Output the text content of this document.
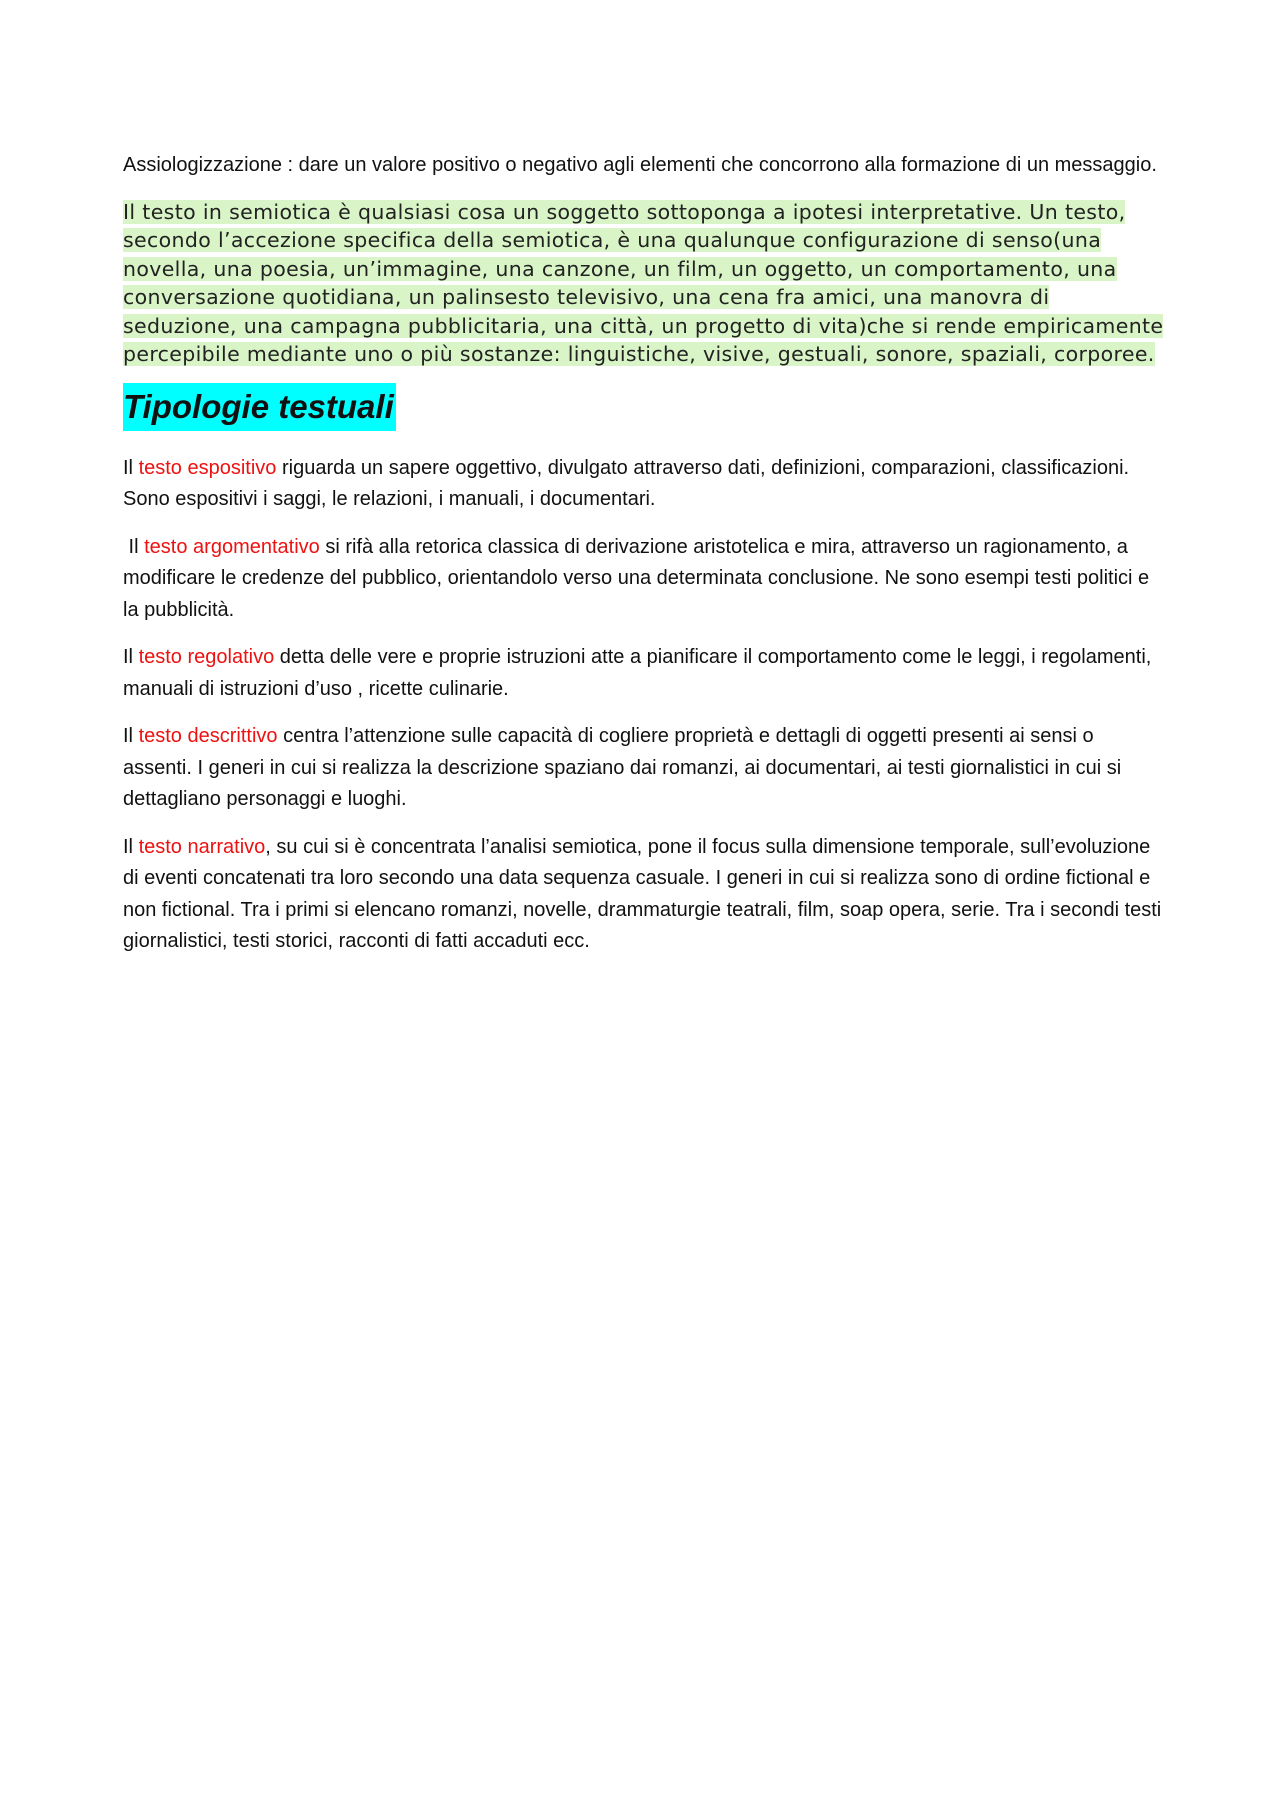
Assiologizzazione : dare un valore positivo o negativo agli elementi che concorrono alla formazione di un messaggio.

Il testo in semiotica è qualsiasi cosa un soggetto sottoponga a ipotesi interpretative. Un testo, secondo l’accezione specifica della semiotica, è una qualunque configurazione di senso(una novella, una poesia, un’immagine, una canzone, un film, un oggetto, un comportamento, una conversazione quotidiana, un palinsesto televisivo, una cena fra amici, una manovra di seduzione, una campagna pubblicitaria, una città, un progetto di vita)che si rende empiricamente percepibile mediante uno o più sostanze: linguistiche, visive, gestuali, sonore, spaziali, corporee.

Tipologie testuali

Il testo espositivo riguarda un sapere oggettivo, divulgato attraverso dati, definizioni, comparazioni, classificazioni. Sono espositivi i saggi, le relazioni, i manuali, i documentari.

Il testo argomentativo si rifà alla retorica classica di derivazione aristotelica e mira, attraverso un ragionamento, a modificare le credenze del pubblico, orientandolo verso una determinata conclusione. Ne sono esempi testi politici e la pubblicità.

Il testo regolativo detta delle vere e proprie istruzioni atte a pianificare il comportamento come le leggi, i regolamenti, manuali di istruzioni d’uso , ricette culinarie.

Il testo descrittivo centra l’attenzione sulle capacità di cogliere proprietà e dettagli di oggetti presenti ai sensi o assenti. I generi in cui si realizza la descrizione spaziano dai romanzi, ai documentari, ai testi giornalistici in cui si dettagliano personaggi e luoghi.

Il testo narrativo, su cui si è concentrata l’analisi semiotica, pone il focus sulla dimensione temporale, sull’evoluzione di eventi concatenati tra loro secondo una data sequenza casuale. I generi in cui si realizza sono di ordine fictional e non fictional. Tra i primi si elencano romanzi, novelle, drammaturgie teatrali, film, soap opera, serie. Tra i secondi testi giornalistici, testi storici, racconti di fatti accaduti ecc.
